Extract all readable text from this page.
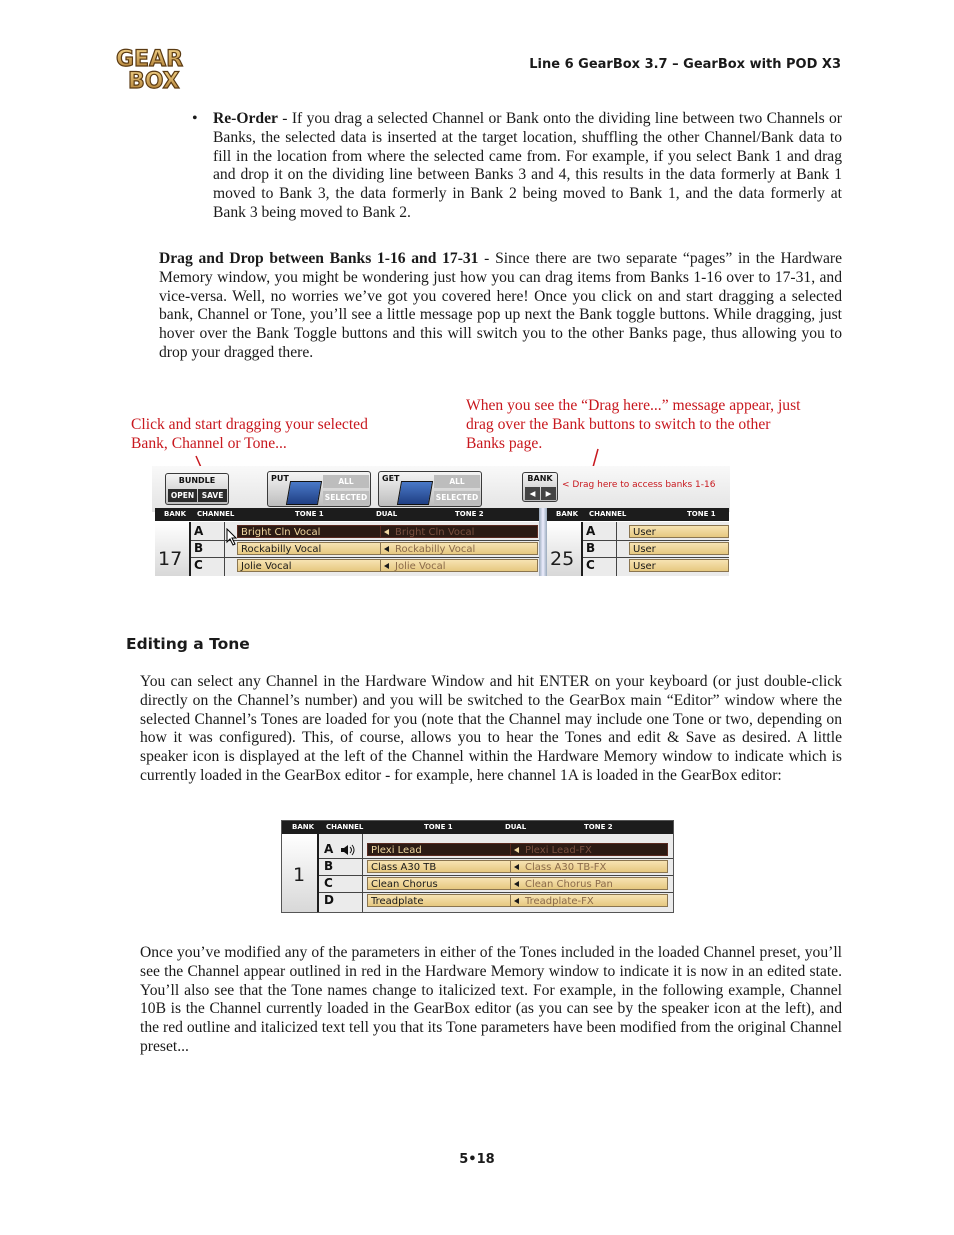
GEAR
BOX
Line 6 GearBox 3.7 – GearBox with POD X3
• Re-Order - If you drag a selected Channel or Bank onto the dividing line between two Channels or Banks, the selected data is inserted at the target location, shuffling the other Channel/Bank data to fill in the location from where the selected came from. For example, if you select Bank 1 and drag and drop it on the dividing line between Banks 3 and 4, this results in the data formerly at Bank 1 moved to Bank 3, the data formerly in Bank 2 being moved to Bank 1, and the data formerly at Bank 3 being moved to Bank 2.
Drag and Drop between Banks 1-16 and 17-31 - Since there are two separate “pages” in the Hardware Memory window, you might be wondering just how you can drag items from Banks 1-16 over to 17-31, and vice-versa. Well, no worries we’ve got you covered here! Once you click on and start dragging a selected bank, Channel or Tone, you’ll see a little message pop up next the Bank toggle buttons. While dragging, just hover over the Bank Toggle buttons and this will switch you to the other Banks page, thus allowing you to drop your dragged there.
Click and start dragging your selected Bank, Channel or Tone...
When you see the “Drag here...” message appear, just drag over the Bank buttons to switch to the other Banks page.
BUNDLE
OPEN	SAVE
PUT	ALL
SELECTED
GET	ALL
SELECTED
BANK
◀	▶
< Drag here to access banks 1-16
BANK CHANNEL	TONE 1	DUAL	TONE 2
17
A	Bright Cln Vocal	Bright Cln Vocal
B	Rockabilly Vocal	Rockabilly Vocal
C	Jolie Vocal	Jolie Vocal
BANK CHANNEL	TONE 1
25
A	User
B	User
C	User
Editing a Tone
You can select any Channel in the Hardware Window and hit ENTER on your keyboard (or just double-click directly on the Channel’s number) and you will be switched to the GearBox main “Editor” window where the selected Channel’s Tones are loaded for you (note that the Channel may include one Tone or two, depending on how it was configured). This, of course, allows you to hear the Tones and edit & Save as desired. A little speaker icon is displayed at the left of the Channel within the Hardware Memory window to indicate which is currently loaded in the GearBox editor - for example, here channel 1A is loaded in the GearBox editor:
BANK CHANNEL	TONE 1	DUAL	TONE 2
1
A	Plexi Lead	Plexi Lead-FX
B	Class A30 TB	Class A30 TB-FX
C	Clean Chorus	Clean Chorus Pan
D	Treadplate	Treadplate-FX
Once you’ve modified any of the parameters in either of the Tones included in the loaded Channel preset, you’ll see the Channel appear outlined in red in the Hardware Memory window to indicate it is now in an edited state. You’ll also see that the Tone names change to italicized text. For example, in the following example, Channel 10B is the Channel currently loaded in the GearBox editor (as you can see by the speaker icon at the left), and the red outline and italicized text tell you that its Tone parameters have been modified from the original Channel preset...
5•18
